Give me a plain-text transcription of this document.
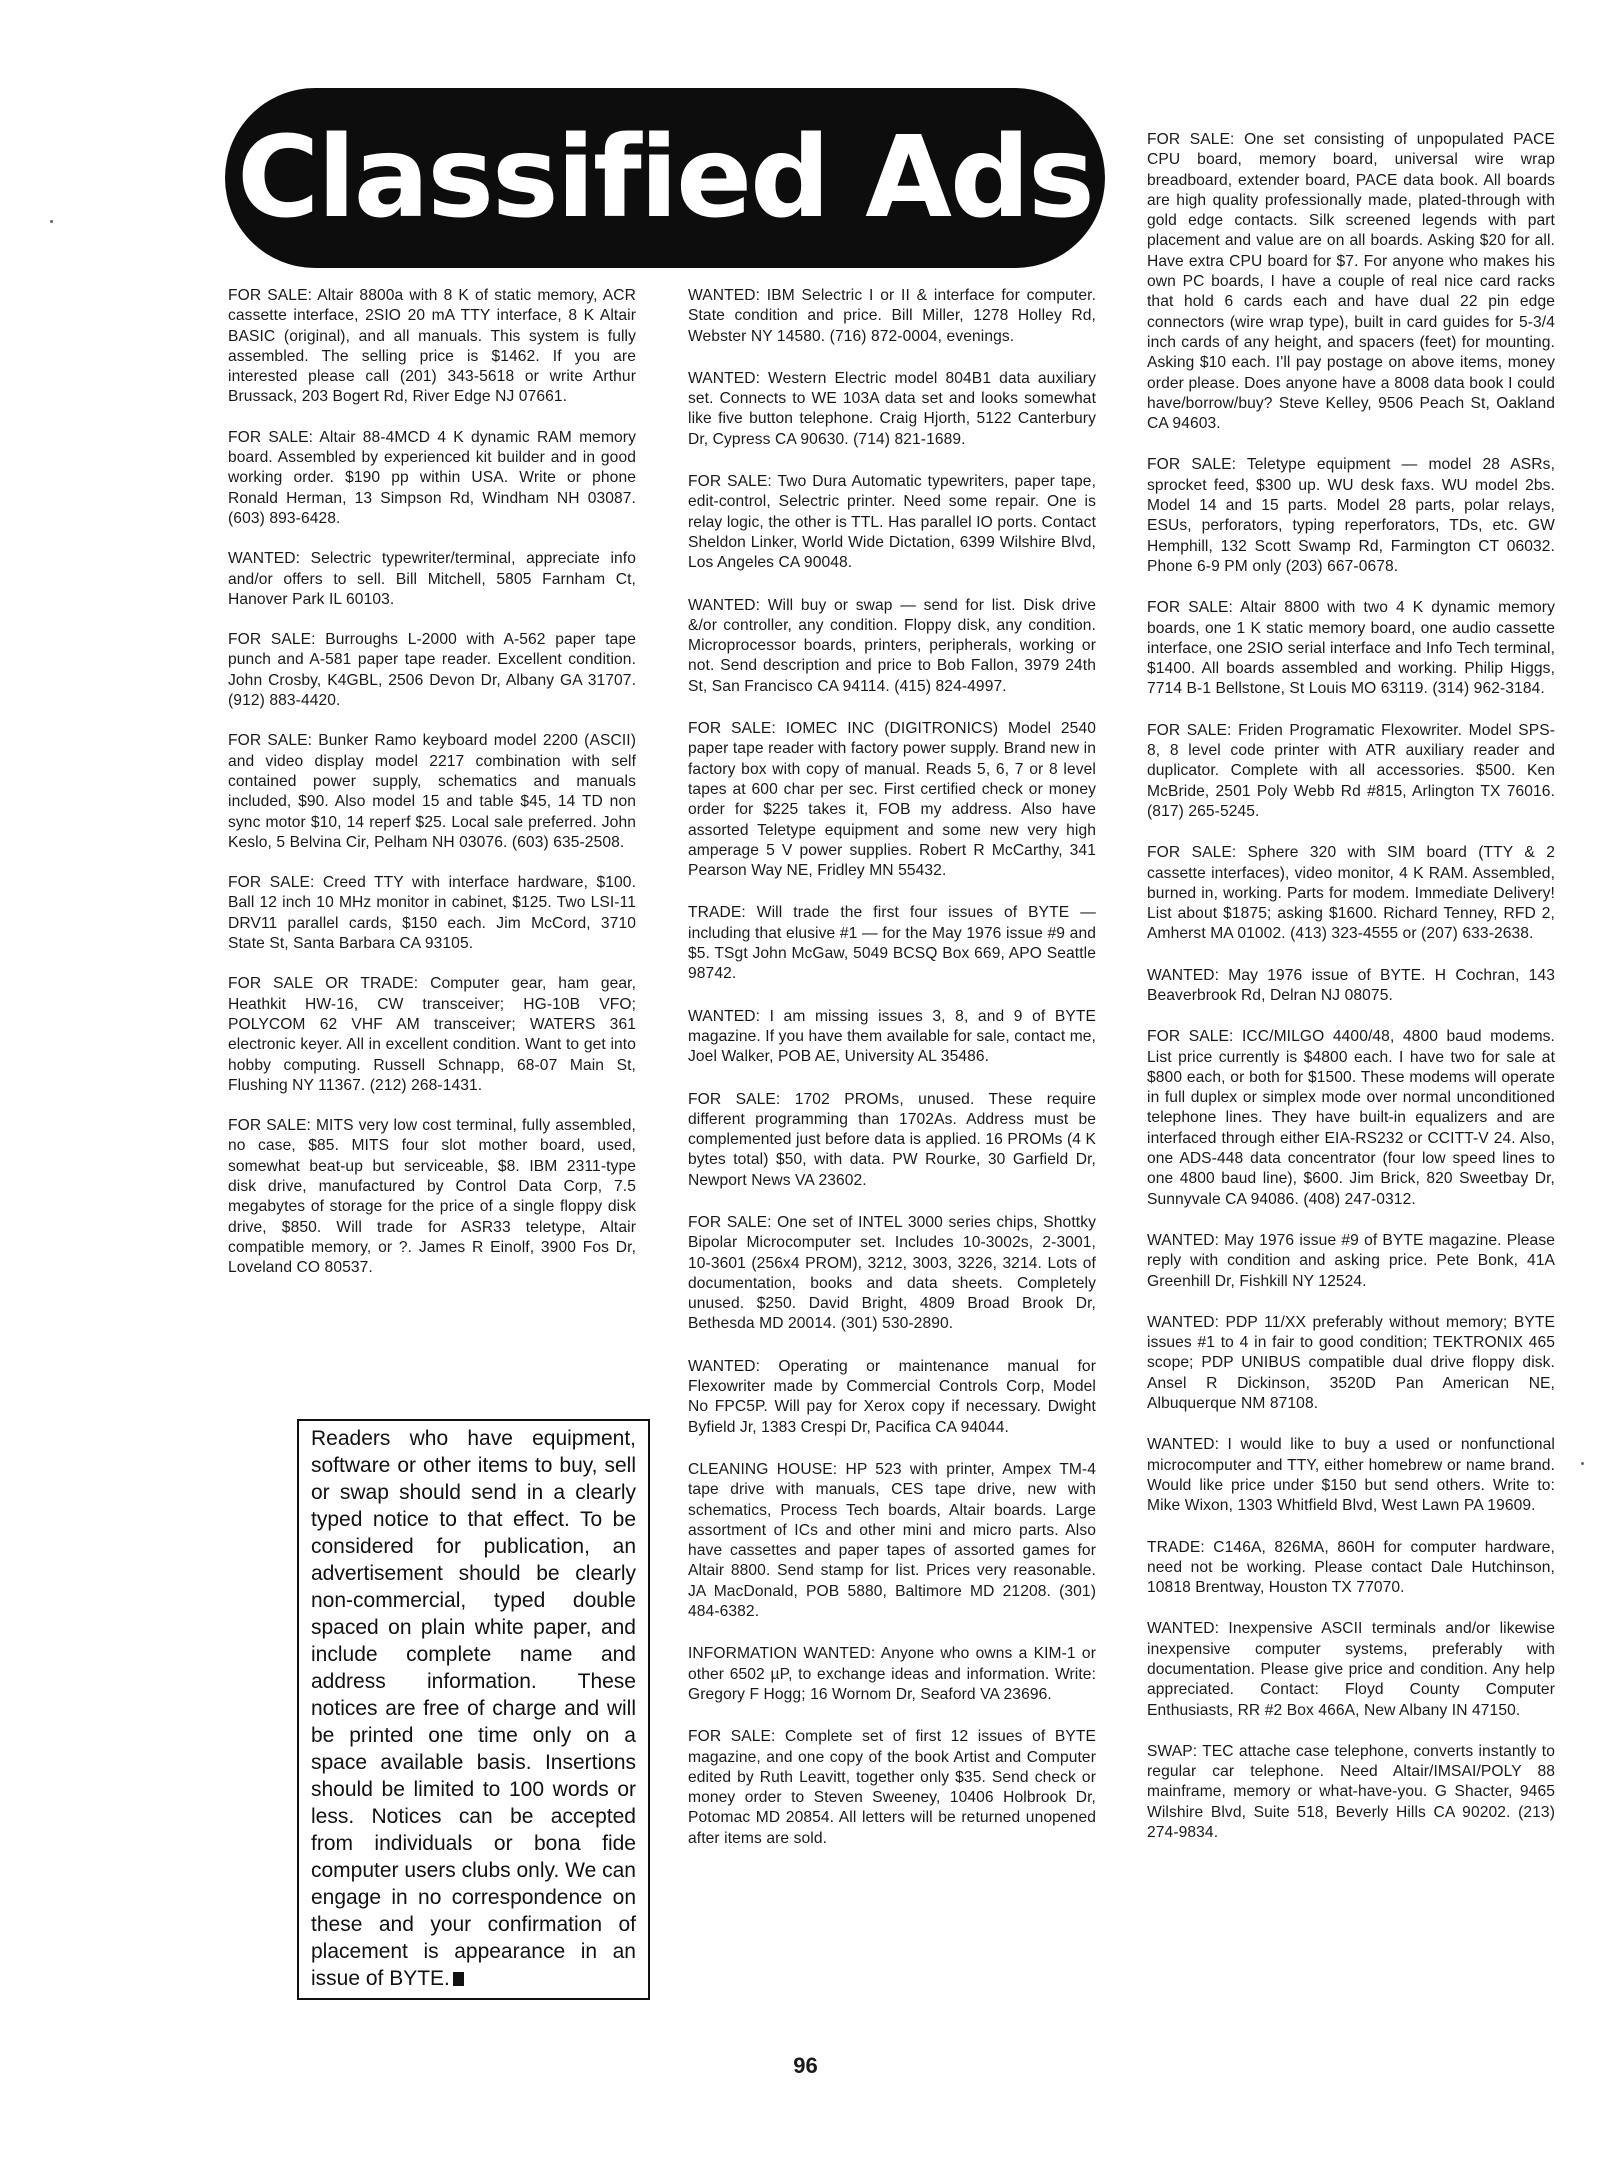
Classified Ads

FOR SALE: Altair 8800a with 8 K of static memory, ACR cassette interface, 2SIO 20 mA TTY interface, 8 K Altair BASIC (original), and all manuals. This system is fully assembled. The selling price is $1462. If you are interested please call (201) 343-5618 or write Arthur Brussack, 203 Bogert Rd, River Edge NJ 07661.

FOR SALE: Altair 88-4MCD 4 K dynamic RAM memory board. Assembled by experienced kit builder and in good working order. $190 pp within USA. Write or phone Ronald Herman, 13 Simpson Rd, Windham NH 03087. (603) 893-6428.

WANTED: Selectric typewriter/terminal, appreciate info and/or offers to sell. Bill Mitchell, 5805 Farnham Ct, Hanover Park IL 60103.

FOR SALE: Burroughs L-2000 with A-562 paper tape punch and A-581 paper tape reader. Excellent condition. John Crosby, K4GBL, 2506 Devon Dr, Albany GA 31707. (912) 883-4420.

FOR SALE: Bunker Ramo keyboard model 2200 (ASCII) and video display model 2217 combination with self contained power supply, schematics and manuals included, $90. Also model 15 and table $45, 14 TD non sync motor $10, 14 reperf $25. Local sale preferred. John Keslo, 5 Belvina Cir, Pelham NH 03076. (603) 635-2508.

FOR SALE: Creed TTY with interface hardware, $100. Ball 12 inch 10 MHz monitor in cabinet, $125. Two LSI-11 DRV11 parallel cards, $150 each. Jim McCord, 3710 State St, Santa Barbara CA 93105.

FOR SALE OR TRADE: Computer gear, ham gear, Heathkit HW-16, CW transceiver; HG-10B VFO; POLYCOM 62 VHF AM transceiver; WATERS 361 electronic keyer. All in excellent condition. Want to get into hobby computing. Russell Schnapp, 68-07 Main St, Flushing NY 11367. (212) 268-1431.

FOR SALE: MITS very low cost terminal, fully assembled, no case, $85. MITS four slot mother board, used, somewhat beat-up but serviceable, $8. IBM 2311-type disk drive, manufactured by Control Data Corp, 7.5 megabytes of storage for the price of a single floppy disk drive, $850. Will trade for ASR33 teletype, Altair compatible memory, or ?. James R Einolf, 3900 Fos Dr, Loveland CO 80537.

Readers who have equipment, software or other items to buy, sell or swap should send in a clearly typed notice to that effect. To be considered for publication, an advertisement should be clearly non-commercial, typed double spaced on plain white paper, and include complete name and address information. These notices are free of charge and will be printed one time only on a space available basis. Insertions should be limited to 100 words or less. Notices can be accepted from individuals or bona fide computer users clubs only. We can engage in no correspondence on these and your confirmation of placement is appearance in an issue of BYTE.

WANTED: IBM Selectric I or II & interface for computer. State condition and price. Bill Miller, 1278 Holley Rd, Webster NY 14580. (716) 872-0004, evenings.

WANTED: Western Electric model 804B1 data auxiliary set. Connects to WE 103A data set and looks somewhat like five button telephone. Craig Hjorth, 5122 Canterbury Dr, Cypress CA 90630. (714) 821-1689.

FOR SALE: Two Dura Automatic typewriters, paper tape, edit-control, Selectric printer. Need some repair. One is relay logic, the other is TTL. Has parallel IO ports. Contact Sheldon Linker, World Wide Dictation, 6399 Wilshire Blvd, Los Angeles CA 90048.

WANTED: Will buy or swap — send for list. Disk drive &/or controller, any condition. Floppy disk, any condition. Microprocessor boards, printers, peripherals, working or not. Send description and price to Bob Fallon, 3979 24th St, San Francisco CA 94114. (415) 824-4997.

FOR SALE: IOMEC INC (DIGITRONICS) Model 2540 paper tape reader with factory power supply. Brand new in factory box with copy of manual. Reads 5, 6, 7 or 8 level tapes at 600 char per sec. First certified check or money order for $225 takes it, FOB my address. Also have assorted Teletype equipment and some new very high amperage 5 V power supplies. Robert R McCarthy, 341 Pearson Way NE, Fridley MN 55432.

TRADE: Will trade the first four issues of BYTE — including that elusive #1 — for the May 1976 issue #9 and $5. TSgt John McGaw, 5049 BCSQ Box 669, APO Seattle 98742.

WANTED: I am missing issues 3, 8, and 9 of BYTE magazine. If you have them available for sale, contact me, Joel Walker, POB AE, University AL 35486.

FOR SALE: 1702 PROMs, unused. These require different programming than 1702As. Address must be complemented just before data is applied. 16 PROMs (4 K bytes total) $50, with data. PW Rourke, 30 Garfield Dr, Newport News VA 23602.

FOR SALE: One set of INTEL 3000 series chips, Shottky Bipolar Microcomputer set. Includes 10-3002s, 2-3001, 10-3601 (256x4 PROM), 3212, 3003, 3226, 3214. Lots of documentation, books and data sheets. Completely unused. $250. David Bright, 4809 Broad Brook Dr, Bethesda MD 20014. (301) 530-2890.

WANTED: Operating or maintenance manual for Flexowriter made by Commercial Controls Corp, Model No FPC5P. Will pay for Xerox copy if necessary. Dwight Byfield Jr, 1383 Crespi Dr, Pacifica CA 94044.

CLEANING HOUSE: HP 523 with printer, Ampex TM-4 tape drive with manuals, CES tape drive, new with schematics, Process Tech boards, Altair boards. Large assortment of ICs and other mini and micro parts. Also have cassettes and paper tapes of assorted games for Altair 8800. Send stamp for list. Prices very reasonable. JA MacDonald, POB 5880, Baltimore MD 21208. (301) 484-6382.

INFORMATION WANTED: Anyone who owns a KIM-1 or other 6502 µP, to exchange ideas and information. Write: Gregory F Hogg; 16 Wornom Dr, Seaford VA 23696.

FOR SALE: Complete set of first 12 issues of BYTE magazine, and one copy of the book Artist and Computer edited by Ruth Leavitt, together only $35. Send check or money order to Steven Sweeney, 10406 Holbrook Dr, Potomac MD 20854. All letters will be returned unopened after items are sold.

FOR SALE: One set consisting of unpopulated PACE CPU board, memory board, universal wire wrap breadboard, extender board, PACE data book. All boards are high quality professionally made, plated-through with gold edge contacts. Silk screened legends with part placement and value are on all boards. Asking $20 for all. Have extra CPU board for $7. For anyone who makes his own PC boards, I have a couple of real nice card racks that hold 6 cards each and have dual 22 pin edge connectors (wire wrap type), built in card guides for 5-3/4 inch cards of any height, and spacers (feet) for mounting. Asking $10 each. I'll pay postage on above items, money order please. Does anyone have a 8008 data book I could have/borrow/buy? Steve Kelley, 9506 Peach St, Oakland CA 94603.

FOR SALE: Teletype equipment — model 28 ASRs, sprocket feed, $300 up. WU desk faxs. WU model 2bs. Model 14 and 15 parts. Model 28 parts, polar relays, ESUs, perforators, typing reperforators, TDs, etc. GW Hemphill, 132 Scott Swamp Rd, Farmington CT 06032. Phone 6-9 PM only (203) 667-0678.

FOR SALE: Altair 8800 with two 4 K dynamic memory boards, one 1 K static memory board, one audio cassette interface, one 2SIO serial interface and Info Tech terminal, $1400. All boards assembled and working. Philip Higgs, 7714 B-1 Bellstone, St Louis MO 63119. (314) 962-3184.

FOR SALE: Friden Programatic Flexowriter. Model SPS-8, 8 level code printer with ATR auxiliary reader and duplicator. Complete with all accessories. $500. Ken McBride, 2501 Poly Webb Rd #815, Arlington TX 76016. (817) 265-5245.

FOR SALE: Sphere 320 with SIM board (TTY & 2 cassette interfaces), video monitor, 4 K RAM. Assembled, burned in, working. Parts for modem. Immediate Delivery! List about $1875; asking $1600. Richard Tenney, RFD 2, Amherst MA 01002. (413) 323-4555 or (207) 633-2638.

WANTED: May 1976 issue of BYTE. H Cochran, 143 Beaverbrook Rd, Delran NJ 08075.

FOR SALE: ICC/MILGO 4400/48, 4800 baud modems. List price currently is $4800 each. I have two for sale at $800 each, or both for $1500. These modems will operate in full duplex or simplex mode over normal unconditioned telephone lines. They have built-in equalizers and are interfaced through either EIA-RS232 or CCITT-V 24. Also, one ADS-448 data concentrator (four low speed lines to one 4800 baud line), $600. Jim Brick, 820 Sweetbay Dr, Sunnyvale CA 94086. (408) 247-0312.

WANTED: May 1976 issue #9 of BYTE magazine. Please reply with condition and asking price. Pete Bonk, 41A Greenhill Dr, Fishkill NY 12524.

WANTED: PDP 11/XX preferably without memory; BYTE issues #1 to 4 in fair to good condition; TEKTRONIX 465 scope; PDP UNIBUS compatible dual drive floppy disk. Ansel R Dickinson, 3520D Pan American NE, Albuquerque NM 87108.

WANTED: I would like to buy a used or nonfunctional microcomputer and TTY, either homebrew or name brand. Would like price under $150 but send others. Write to: Mike Wixon, 1303 Whitfield Blvd, West Lawn PA 19609.

TRADE: C146A, 826MA, 860H for computer hardware, need not be working. Please contact Dale Hutchinson, 10818 Brentway, Houston TX 77070.

WANTED: Inexpensive ASCII terminals and/or likewise inexpensive computer systems, preferably with documentation. Please give price and condition. Any help appreciated. Contact: Floyd County Computer Enthusiasts, RR #2 Box 466A, New Albany IN 47150.

SWAP: TEC attache case telephone, converts instantly to regular car telephone. Need Altair/IMSAI/POLY 88 mainframe, memory or what-have-you. G Shacter, 9465 Wilshire Blvd, Suite 518, Beverly Hills CA 90202. (213) 274-9834.

96
